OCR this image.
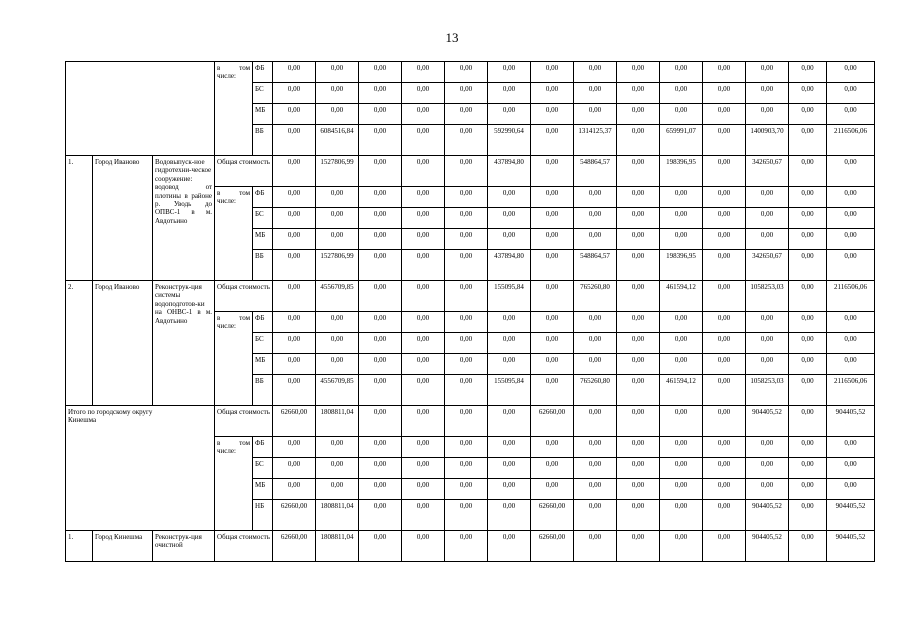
13
			в том числе:	ФБ	0,00	0,00	0,00	0,00	0,00	0,00	0,00	0,00	0,00	0,00	0,00	0,00	0,00	0,00
				БС	0,00	0,00	0,00	0,00	0,00	0,00	0,00	0,00	0,00	0,00	0,00	0,00	0,00	0,00
				МБ	0,00	0,00	0,00	0,00	0,00	0,00	0,00	0,00	0,00	0,00	0,00	0,00	0,00	0,00
				ВБ	0,00	6084516,84	0,00	0,00	0,00	592990,64	0,00	1314125,37	0,00	659991,07	0,00	1400903,70	0,00	2116506,06
1.	Город Иваново	Водовыпуск-ное гидротехни-ческое сооружение: водовод от плотины в районе р. Уводь до ОПВС-1 в м. Авдотьино	Общая стоимость		0,00	1527806,99	0,00	0,00	0,00	437894,80	0,00	548864,57	0,00	198396,95	0,00	342650,67	0,00	0,00
			в том числе:	ФБ	0,00	0,00	0,00	0,00	0,00	0,00	0,00	0,00	0,00	0,00	0,00	0,00	0,00	0,00
				БС	0,00	0,00	0,00	0,00	0,00	0,00	0,00	0,00	0,00	0,00	0,00	0,00	0,00	0,00
				МБ	0,00	0,00	0,00	0,00	0,00	0,00	0,00	0,00	0,00	0,00	0,00	0,00	0,00	0,00
				ВБ	0,00	1527806,99	0,00	0,00	0,00	437894,80	0,00	548864,57	0,00	198396,95	0,00	342650,67	0,00	0,00
2.	Город Иваново	Реконструк-ция системы водоподготов-ки на ОНВС-1 в м. Авдотьино	Общая стоимость		0,00	4556709,85	0,00	0,00	0,00	155095,84	0,00	765260,80	0,00	461594,12	0,00	1058253,03	0,00	2116506,06
			в том числе:	ФБ	0,00	0,00	0,00	0,00	0,00	0,00	0,00	0,00	0,00	0,00	0,00	0,00	0,00	0,00
				БС	0,00	0,00	0,00	0,00	0,00	0,00	0,00	0,00	0,00	0,00	0,00	0,00	0,00	0,00
				МБ	0,00	0,00	0,00	0,00	0,00	0,00	0,00	0,00	0,00	0,00	0,00	0,00	0,00	0,00
				ВБ	0,00	4556709,85	0,00	0,00	0,00	155095,84	0,00	765260,80	0,00	461594,12	0,00	1058253,03	0,00	2116506,06

Итого по городскому округу

Кинешма			Общая стоимость		62660,00	1808811,04	0,00	0,00	0,00	0,00	62660,00	0,00	0,00	0,00	0,00	904405,52	0,00	904405,52
			в том числе:	ФБ	0,00	0,00	0,00	0,00	0,00	0,00	0,00	0,00	0,00	0,00	0,00	0,00	0,00	0,00
				БС	0,00	0,00	0,00	0,00	0,00	0,00	0,00	0,00	0,00	0,00	0,00	0,00	0,00	0,00
				МБ	0,00	0,00	0,00	0,00	0,00	0,00	0,00	0,00	0,00	0,00	0,00	0,00	0,00	0,00
				НБ	62660,00	1808811,04	0,00	0,00	0,00	0,00	62660,00	0,00	0,00	0,00	0,00	904405,52	0,00	904405,52
1.	Город Кинешма	Реконструк-ция очистной	Общая стоимость		62660,00	1808811,04	0,00	0,00	0,00	0,00	62660,00	0,00	0,00	0,00	0,00	904405,52	0,00	904405,52
